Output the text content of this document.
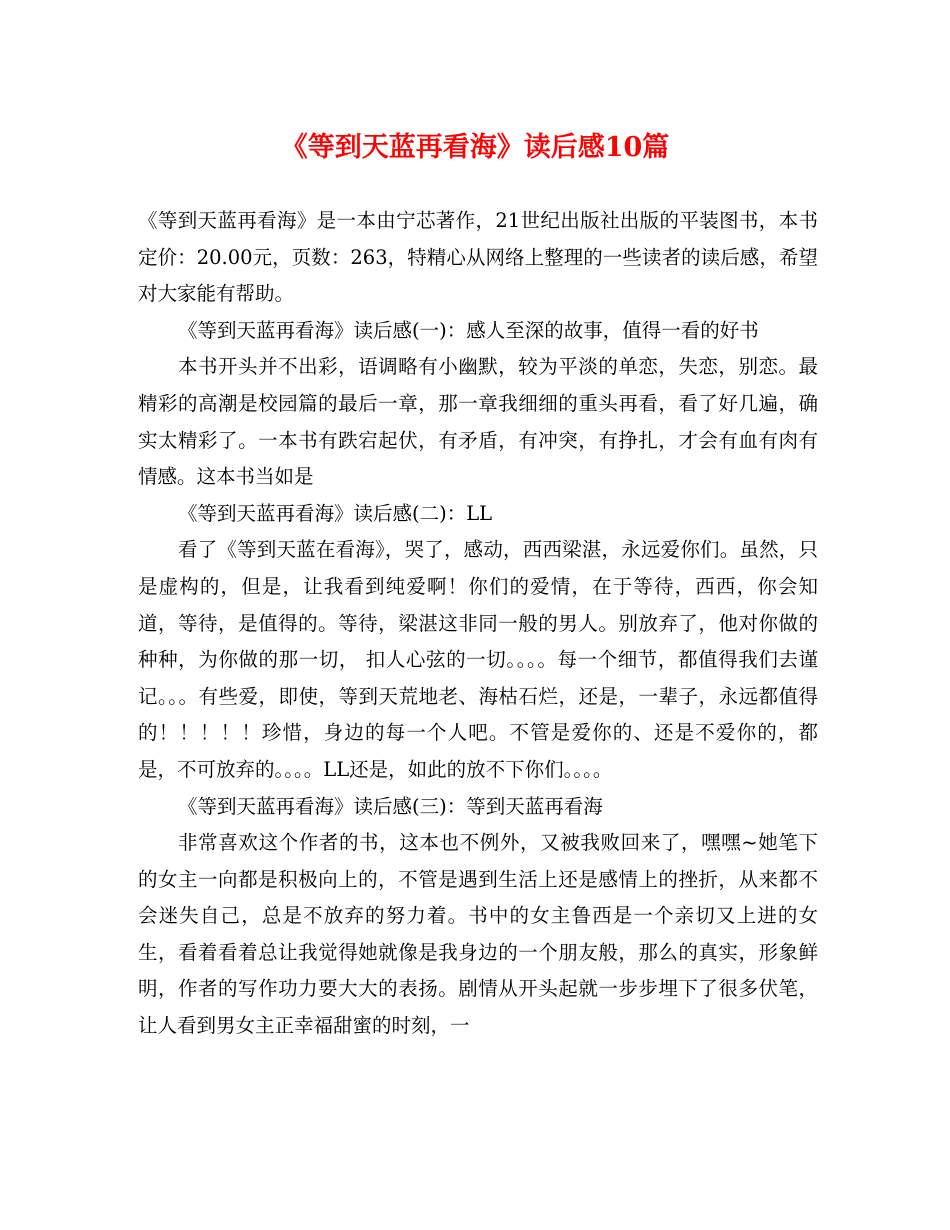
《等到天蓝再看海》读后感10篇

《等到天蓝再看海》是一本由宁芯著作，21世纪出版社出版的平装图书，本书定价：20.00元，页数：263，特精心从网络上整理的一些读者的读后感，希望对大家能有帮助。

《等到天蓝再看海》读后感(一)：感人至深的故事，值得一看的好书

本书开头并不出彩，语调略有小幽默，较为平淡的单恋，失恋，别恋。最精彩的高潮是校园篇的最后一章，那一章我细细的重头再看，看了好几遍，确实太精彩了。一本书有跌宕起伏，有矛盾，有冲突，有挣扎，才会有血有肉有情感。这本书当如是

《等到天蓝再看海》读后感(二)：LL

看了《等到天蓝在看海》，哭了，感动，西西梁湛，永远爱你们。虽然，只是虚构的，但是，让我看到纯爱啊！你们的爱情，在于等待，西西，你会知道，等待，是值得的。等待，梁湛这非同一般的男人。别放弃了，他对你做的种种，为你做的那一切， 扣人心弦的一切。。。。每一个细节，都值得我们去谨记。。。有些爱，即使，等到天荒地老、海枯石烂，还是，一辈子，永远都值得的！！！！！珍惜，身边的每一个人吧。不管是爱你的、还是不爱你的，都是，不可放弃的。。。。LL还是，如此的放不下你们。。。。

《等到天蓝再看海》读后感(三)：等到天蓝再看海

非常喜欢这个作者的书，这本也不例外，又被我败回来了，嘿嘿~她笔下的女主一向都是积极向上的，不管是遇到生活上还是感情上的挫折，从来都不会迷失自己，总是不放弃的努力着。书中的女主鲁西是一个亲切又上进的女生，看着看着总让我觉得她就像是我身边的一个朋友般，那么的真实，形象鲜明，作者的写作功力要大大的表扬。剧情从开头起就一步步埋下了很多伏笔，让人看到男女主正幸福甜蜜的时刻，一
